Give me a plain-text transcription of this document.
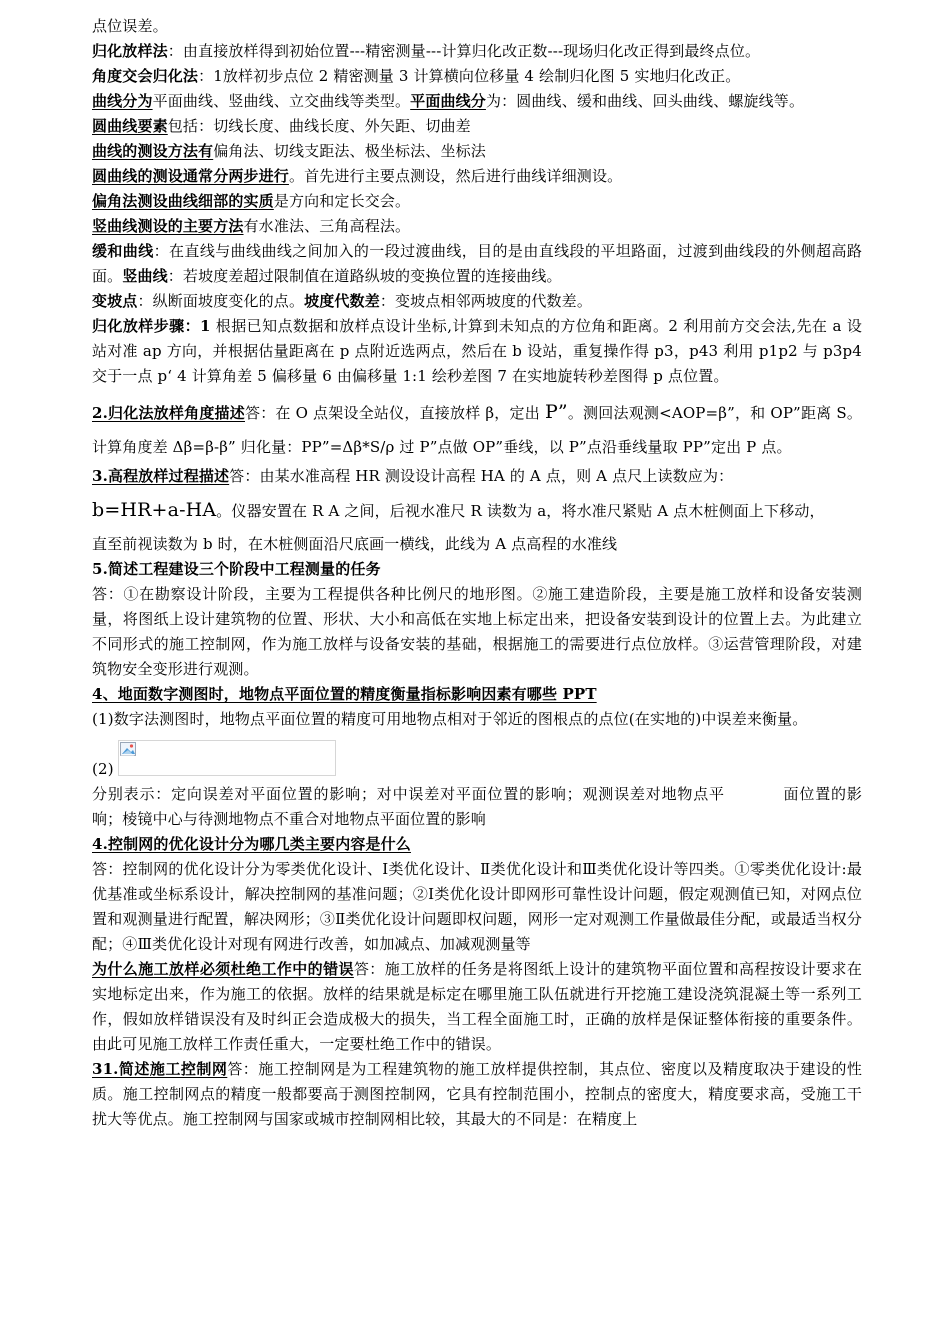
点位误差。

归化放样法：由直接放样得到初始位置---精密测量---计算归化改正数---现场归化改正得到最终点位。

角度交会归化法：1放样初步点位 2 精密测量 3 计算横向位移量 4 绘制归化图 5 实地归化改正。

曲线分为平面曲线、竖曲线、立交曲线等类型。平面曲线分为：圆曲线、缓和曲线、回头曲线、螺旋线等。

圆曲线要素包括：切线长度、曲线长度、外矢距、切曲差

曲线的测设方法有偏角法、切线支距法、极坐标法、坐标法

圆曲线的测设通常分两步进行。首先进行主要点测设，然后进行曲线详细测设。

偏角法测设曲线细部的实质是方向和定长交会。

竖曲线测设的主要方法有水准法、三角高程法。

缓和曲线：在直线与曲线曲线之间加入的一段过渡曲线，目的是由直线段的平坦路面，过渡到曲线段的外侧超高路面。竖曲线：若坡度差超过限制值在道路纵坡的变换位置的连接曲线。

变坡点：纵断面坡度变化的点。坡度代数差：变坡点相邻两坡度的代数差。

归化放样步骤：1 根据已知点数据和放样点设计坐标,计算到未知点的方位角和距离。2 利用前方交会法,先在 a 设站对准 ap 方向，并根据估量距离在 p 点附近选两点，然后在 b 设站，重复操作得 p3，p43 利用 p1p2 与 p3p4 交于一点 p‘ 4 计算角差 5 偏移量 6 由偏移量 1:1 绘秒差图 7 在实地旋转秒差图得 p 点位置。

2.归化法放样角度描述答：在 O 点架设全站仪，直接放样 β，定出 P”。测回法观测<AOP=β”，和 OP”距离 S。计算角度差 Δβ=β-β” 归化量：PP”=Δβ*S/ρ 过 P”点做 OP”垂线，以 P”点沿垂线量取 PP”定出 P 点。

3.高程放样过程描述答：由某水准高程 HR 测设设计高程 HA 的 A 点，则 A 点尺上读数应为：

b=HR+a-HA。仪器安置在 R A 之间，后视水准尺 R 读数为 a，将水准尺紧贴 A 点木桩侧面上下移动，

直至前视读数为 b 时，在木桩侧面沿尺底画一横线，此线为 A 点高程的水准线

5.简述工程建设三个阶段中工程测量的任务

答：①在勘察设计阶段，主要为工程提供各种比例尺的地形图。②施工建造阶段，主要是施工放样和设备安装测量，将图纸上设计建筑物的位置、形状、大小和高低在实地上标定出来，把设备安装到设计的位置上去。为此建立不同形式的施工控制网，作为施工放样与设备安装的基础，根据施工的需要进行点位放样。③运营管理阶段，对建筑物安全变形进行观测。

4、地面数字测图时，地物点平面位置的精度衡量指标影响因素有哪些 PPT

(1)数字法测图时，地物点平面位置的精度可用地物点相对于邻近的图根点的点位(在实地的)中误差来衡量。

(2)

分别表示：定向误差对平面位置的影响；对中误差对平面位置的影响；观测误差对地物点平	面位置的影响；棱镜中心与待测地物点不重合对地物点平面位置的影响

4.控制网的优化设计分为哪几类主要内容是什么

答：控制网的优化设计分为零类优化设计、Ⅰ类优化设计、Ⅱ类优化设计和Ⅲ类优化设计等四类。①零类优化设计:最优基准或坐标系设计，解决控制网的基准问题；②Ⅰ类优化设计即网形可靠性设计问题，假定观测值已知，对网点位置和观测量进行配置，解决网形；③Ⅱ类优化设计问题即权问题，网形一定对观测工作量做最佳分配，或最适当权分配；④Ⅲ类优化设计对现有网进行改善，如加减点、加减观测量等

为什么施工放样必须杜绝工作中的错误答：施工放样的任务是将图纸上设计的建筑物平面位置和高程按设计要求在实地标定出来，作为施工的依据。放样的结果就是标定在哪里施工队伍就进行开挖施工建设浇筑混凝土等一系列工作，假如放样错误没有及时纠正会造成极大的损失，当工程全面施工时，正确的放样是保证整体衔接的重要条件。由此可见施工放样工作责任重大，一定要杜绝工作中的错误。

31.简述施工控制网答：施工控制网是为工程建筑物的施工放样提供控制，其点位、密度以及精度取决于建设的性质。施工控制网点的精度一般都要高于测图控制网，它具有控制范围小，控制点的密度大，精度要求高，受施工干扰大等优点。施工控制网与国家或城市控制网相比较，其最大的不同是：在精度上
